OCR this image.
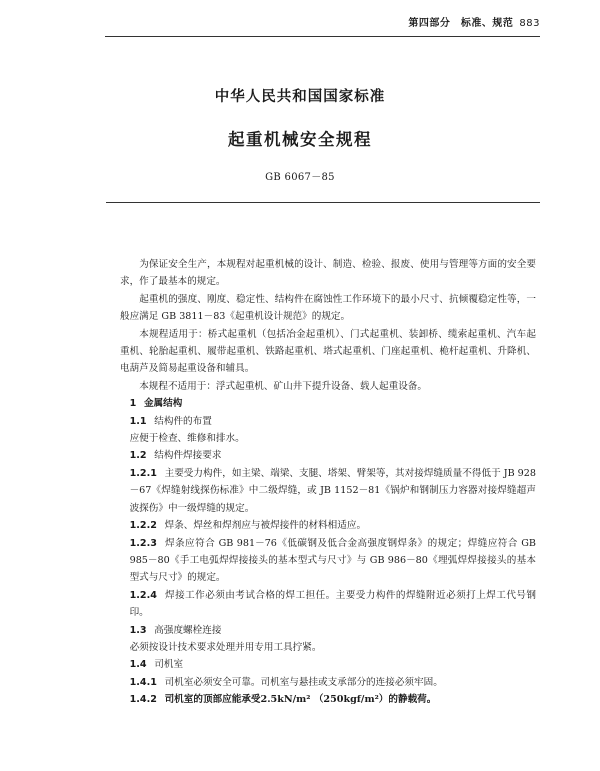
第四部分　标准、规范 883
中华人民共和国国家标准
起重机械安全规程
GB 6067－85

为保证安全生产，本规程对起重机械的设计、制造、检验、报废、使用与管理等方面的安全要求，作了最基本的规定。

起重机的强度、刚度、稳定性、结构件在腐蚀性工作环境下的最小尺寸、抗倾覆稳定性等，一般应满足 GB 3811－83《起重机设计规范》的规定。

本规程适用于：桥式起重机（包括冶金起重机）、门式起重机、装卸桥、缆索起重机、汽车起重机、轮胎起重机、履带起重机、铁路起重机、塔式起重机、门座起重机、桅杆起重机、升降机、电葫芦及简易起重设备和辅具。

本规程不适用于：浮式起重机、矿山井下提升设备、载人起重设备。

1 金属结构

1.1 结构件的布置

应便于检查、维修和排水。

1.2 结构件焊接要求

1.2.1 主要受力构件，如主梁、端梁、支腿、塔架、臂架等，其对接焊缝质量不得低于 JB 928－67《焊缝射线探伤标准》中二级焊缝，或 JB 1152－81《锅炉和钢制压力容器对接焊缝超声波探伤》中一级焊缝的规定。

1.2.2 焊条、焊丝和焊剂应与被焊接件的材料相适应。

1.2.3 焊条应符合 GB 981－76《低碳钢及低合金高强度钢焊条》的规定；焊缝应符合 GB 985－80《手工电弧焊焊接接头的基本型式与尺寸》与 GB 986－80《埋弧焊焊接接头的基本型式与尺寸》的规定。

1.2.4 焊接工作必须由考试合格的焊工担任。主要受力构件的焊缝附近必须打上焊工代号钢印。

1.3 高强度螺栓连接

必须按设计技术要求处理并用专用工具拧紧。

1.4 司机室

1.4.1 司机室必须安全可靠。司机室与悬挂或支承部分的连接必须牢固。

1.4.2 司机室的顶部应能承受2.5kN/m² （250kgf/m²）的静载荷。
